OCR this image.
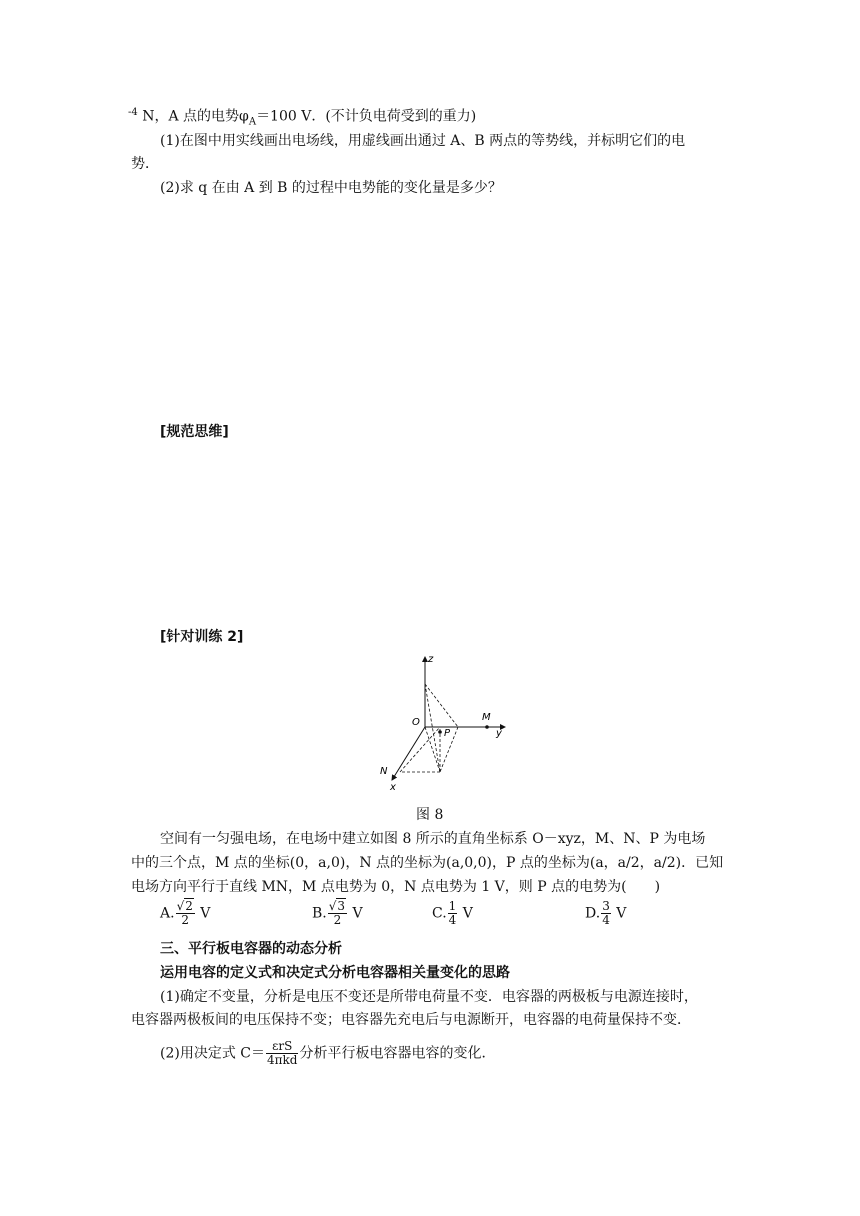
$^{-4}$ N，A 点的电势$\varphi_A=100$ V．(不计负电荷受到的重力)
(1)在图中用实线画出电场线，用虚线画出通过 A、B 两点的等势线，并标明它们的电
势．
(2)求 q 在由 A 到 B 的过程中电势能的变化量是多少？
[规范思维]
[针对训练 2]
z
O	M
y
P
N
x
图 8
空间有一匀强电场，在电场中建立如图 8 所示的直角坐标系 O－xyz，M、N、P 为电场
中的三个点，M 点的坐标(0，a,0)，N 点的坐标为(a,0,0)，P 点的坐标为(a，a/2，a/2)．已知
电场方向平行于直线 MN，M 点电势为 0，N 点电势为 1 V，则 P 点的电势为(　　)
A. $\frac{√2}{2}$ V	B. $\frac{√3}{2}$ V	C. $\frac{1}{4}$ V	D. $\frac{3}{4}$ V
三、平行板电容器的动态分析
运用电容的定义式和决定式分析电容器相关量变化的思路
(1)确定不变量，分析是电压不变还是所带电荷量不变．电容器的两极板与电源连接时，
电容器两极板间的电压保持不变；电容器先充电后与电源断开，电容器的电荷量保持不变．
(2)用决定式 $C= \frac{\text{εrS}}{\text{4πkd}}$ 分析平行板电容器电容的变化．
